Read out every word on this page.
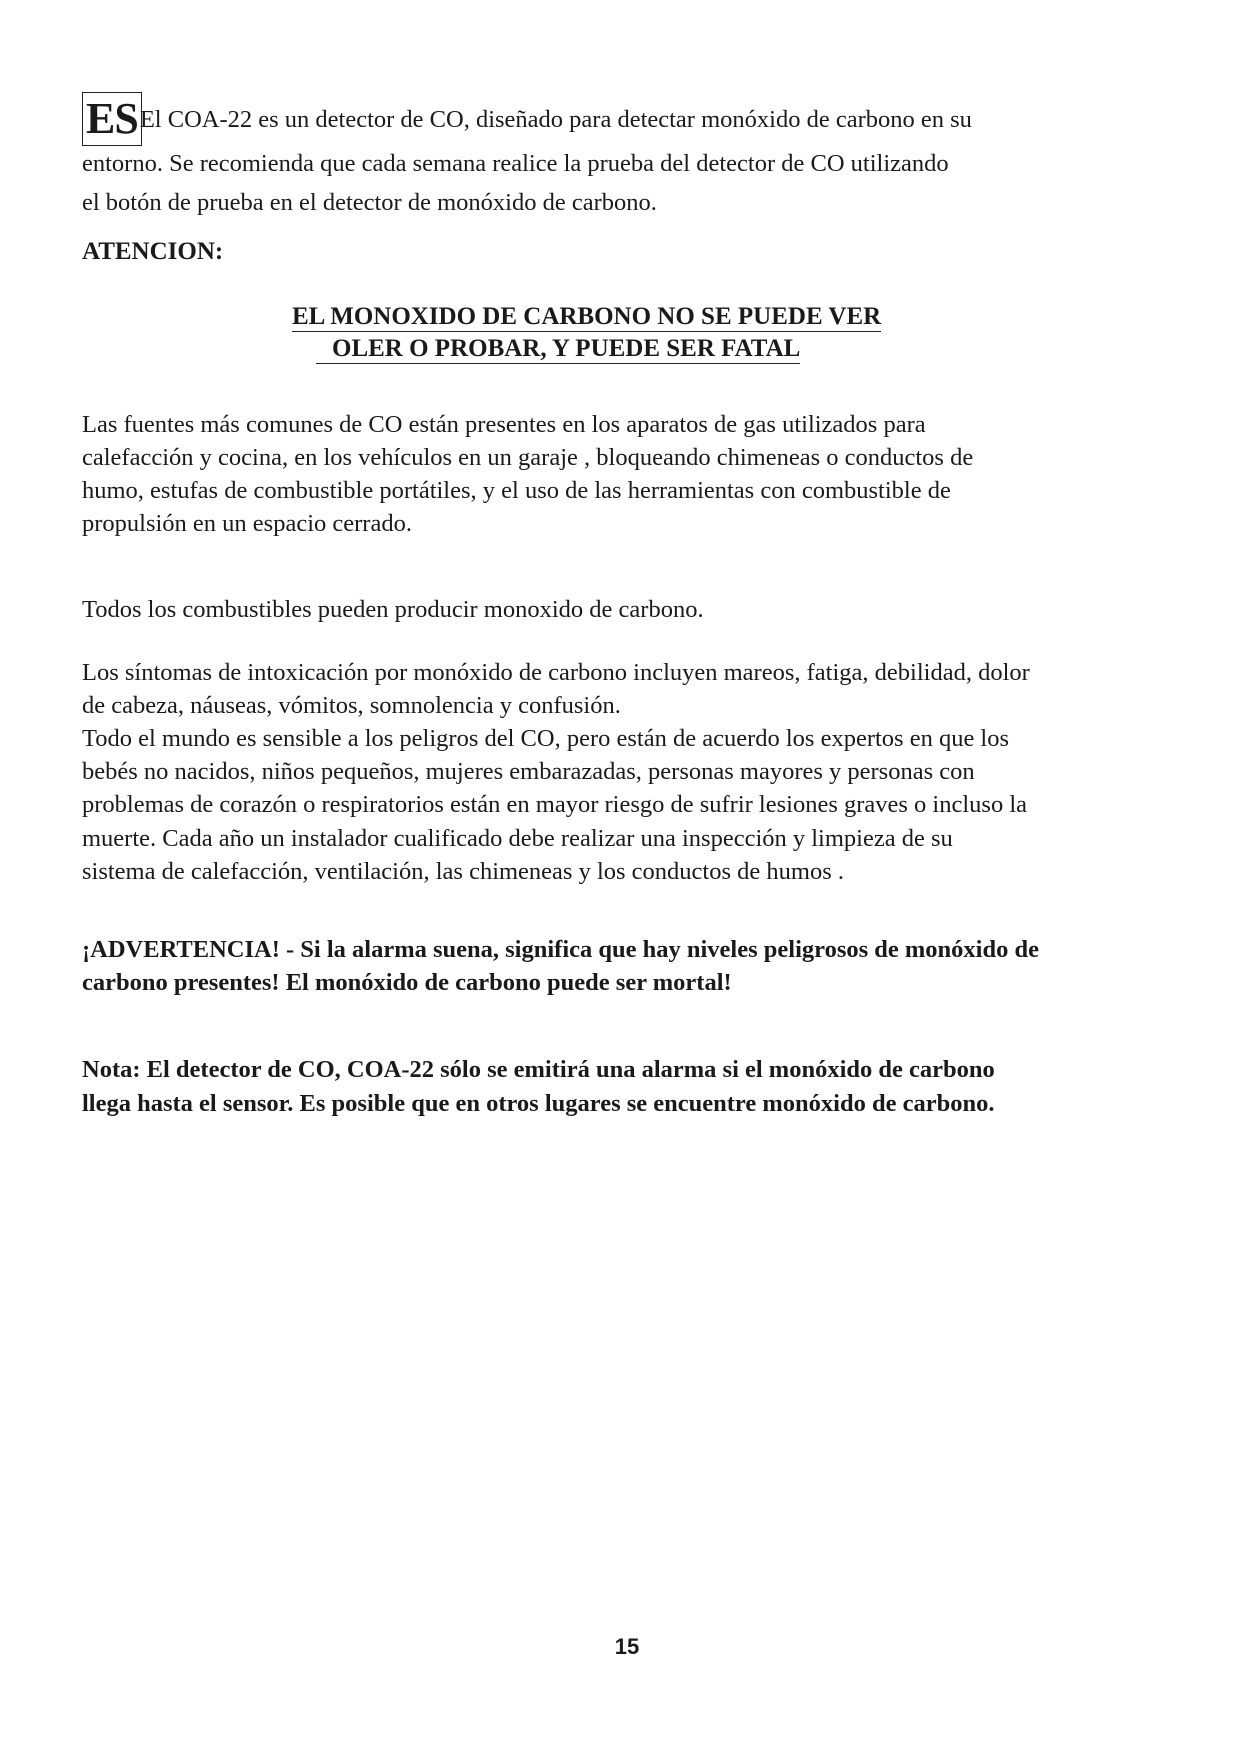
ESEl COA-22 es un detector de CO, diseñado para detectar monóxido de carbono en su
entorno. Se recomienda que cada semana realice la prueba del detector de CO utilizando
el botón de prueba en el detector de monóxido de carbono.
ATENCION:
EL MONOXIDO DE CARBONO NO SE PUEDE VER
OLER O PROBAR, Y PUEDE SER FATAL
Las fuentes más comunes de CO están presentes en los aparatos de gas utilizados para
calefacción y cocina, en los vehículos en un garaje , bloqueando chimeneas o conductos de
humo, estufas de combustible portátiles, y el uso de las herramientas con combustible de
propulsión en un espacio cerrado.
Todos los combustibles pueden producir monoxido de carbono.
Los síntomas de intoxicación por monóxido de carbono incluyen mareos, fatiga, debilidad, dolor
de cabeza, náuseas, vómitos, somnolencia y confusión.
Todo el mundo es sensible a los peligros del CO, pero están de acuerdo los expertos en que los
bebés no nacidos, niños pequeños, mujeres embarazadas, personas mayores y personas con
problemas de corazón o respiratorios están en mayor riesgo de sufrir lesiones graves o incluso la
muerte. Cada año un instalador cualificado debe realizar una inspección y limpieza de su
sistema de calefacción, ventilación, las chimeneas y los conductos de humos .
¡ADVERTENCIA! - Si la alarma suena, significa que hay niveles peligrosos de monóxido de
carbono presentes! El monóxido de carbono puede ser mortal!
Nota: El detector de CO, COA-22 sólo se emitirá una alarma si el monóxido de carbono
llega hasta el sensor. Es posible que en otros lugares se encuentre monóxido de carbono.
15
